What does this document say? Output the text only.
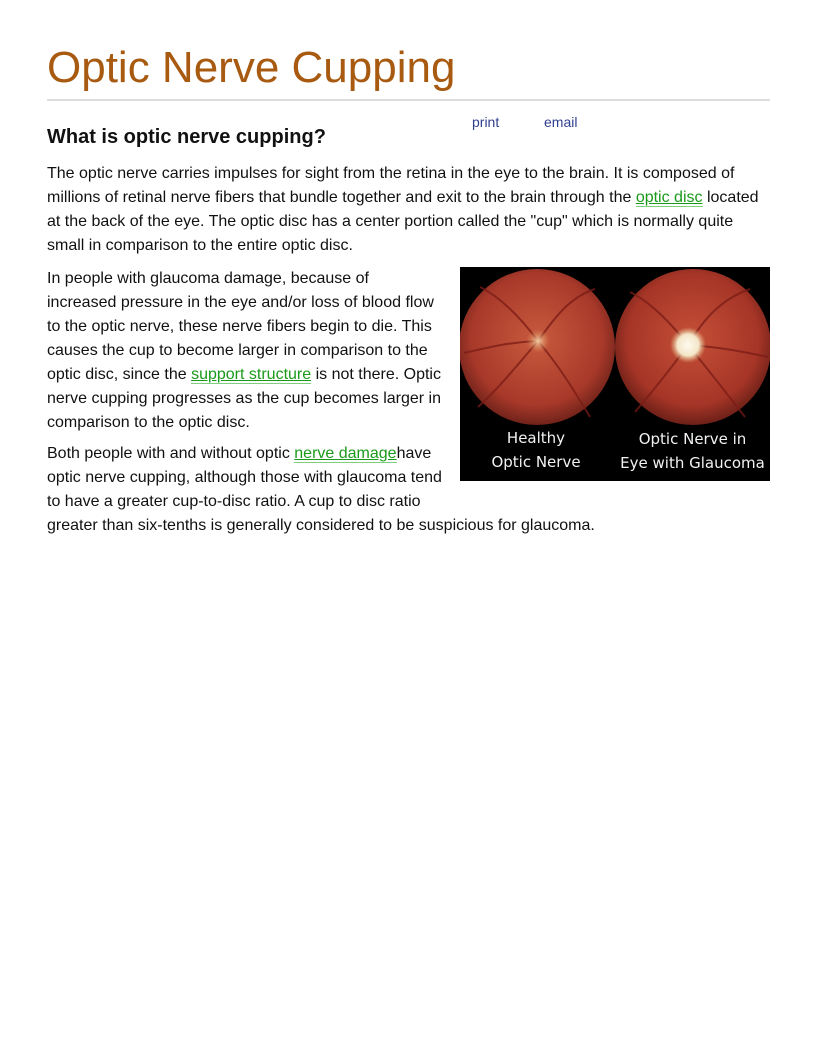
Optic Nerve Cupping
print	email
What is optic nerve cupping?

The optic nerve carries impulses for sight from the retina in the eye to the brain. It is composed of millions of retinal nerve fibers that bundle together and exit to the brain through the optic disc located at the back of the eye. The optic disc has a center portion called the "cup" which is normally quite small in comparison to the entire optic disc.

In people with glaucoma damage, because of increased pressure in the eye and/or loss of blood flow to the optic nerve, these nerve fibers begin to die. This causes the cup to become larger in comparison to the optic disc, since the support structure is not there. Optic nerve cupping progresses as the cup becomes larger in comparison to the optic disc.

Both people with and without optic nerve damagehave optic nerve cupping, although those with glaucoma tend to have a greater cup-to-disc ratio. A cup to disc ratio
greater than six-tenths is generally considered to be suspicious for glaucoma.

Healthy
Optic Nerve
Optic Nerve in
Eye with Glaucoma
